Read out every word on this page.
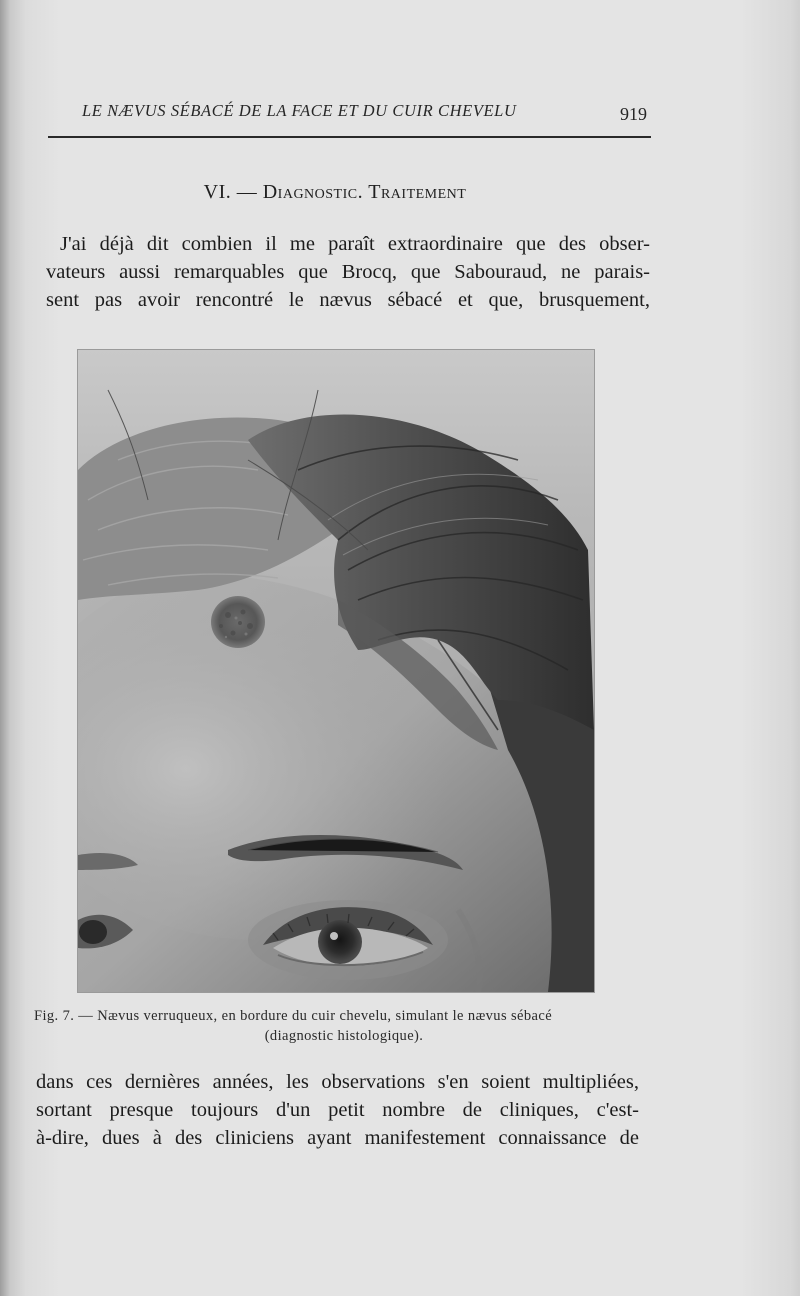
LE NÆVUS SÉBACÉ DE LA FACE ET DU CUIR CHEVELU	919
VI. — Diagnostic. Traitement
J'ai déjà dit combien il me paraît extraordinaire que des obser-
vateurs aussi remarquables que Brocq, que Sabouraud, ne parais-
sent pas avoir rencontré le nævus sébacé et que, brusquement,
Fig. 7. — Nævus verruqueux, en bordure du cuir chevelu, simulant le nævus sébacé
(diagnostic histologique).
dans ces dernières années, les observations s'en soient multipliées,
sortant presque toujours d'un petit nombre de cliniques, c'est-
à-dire, dues à des cliniciens ayant manifestement connaissance de
